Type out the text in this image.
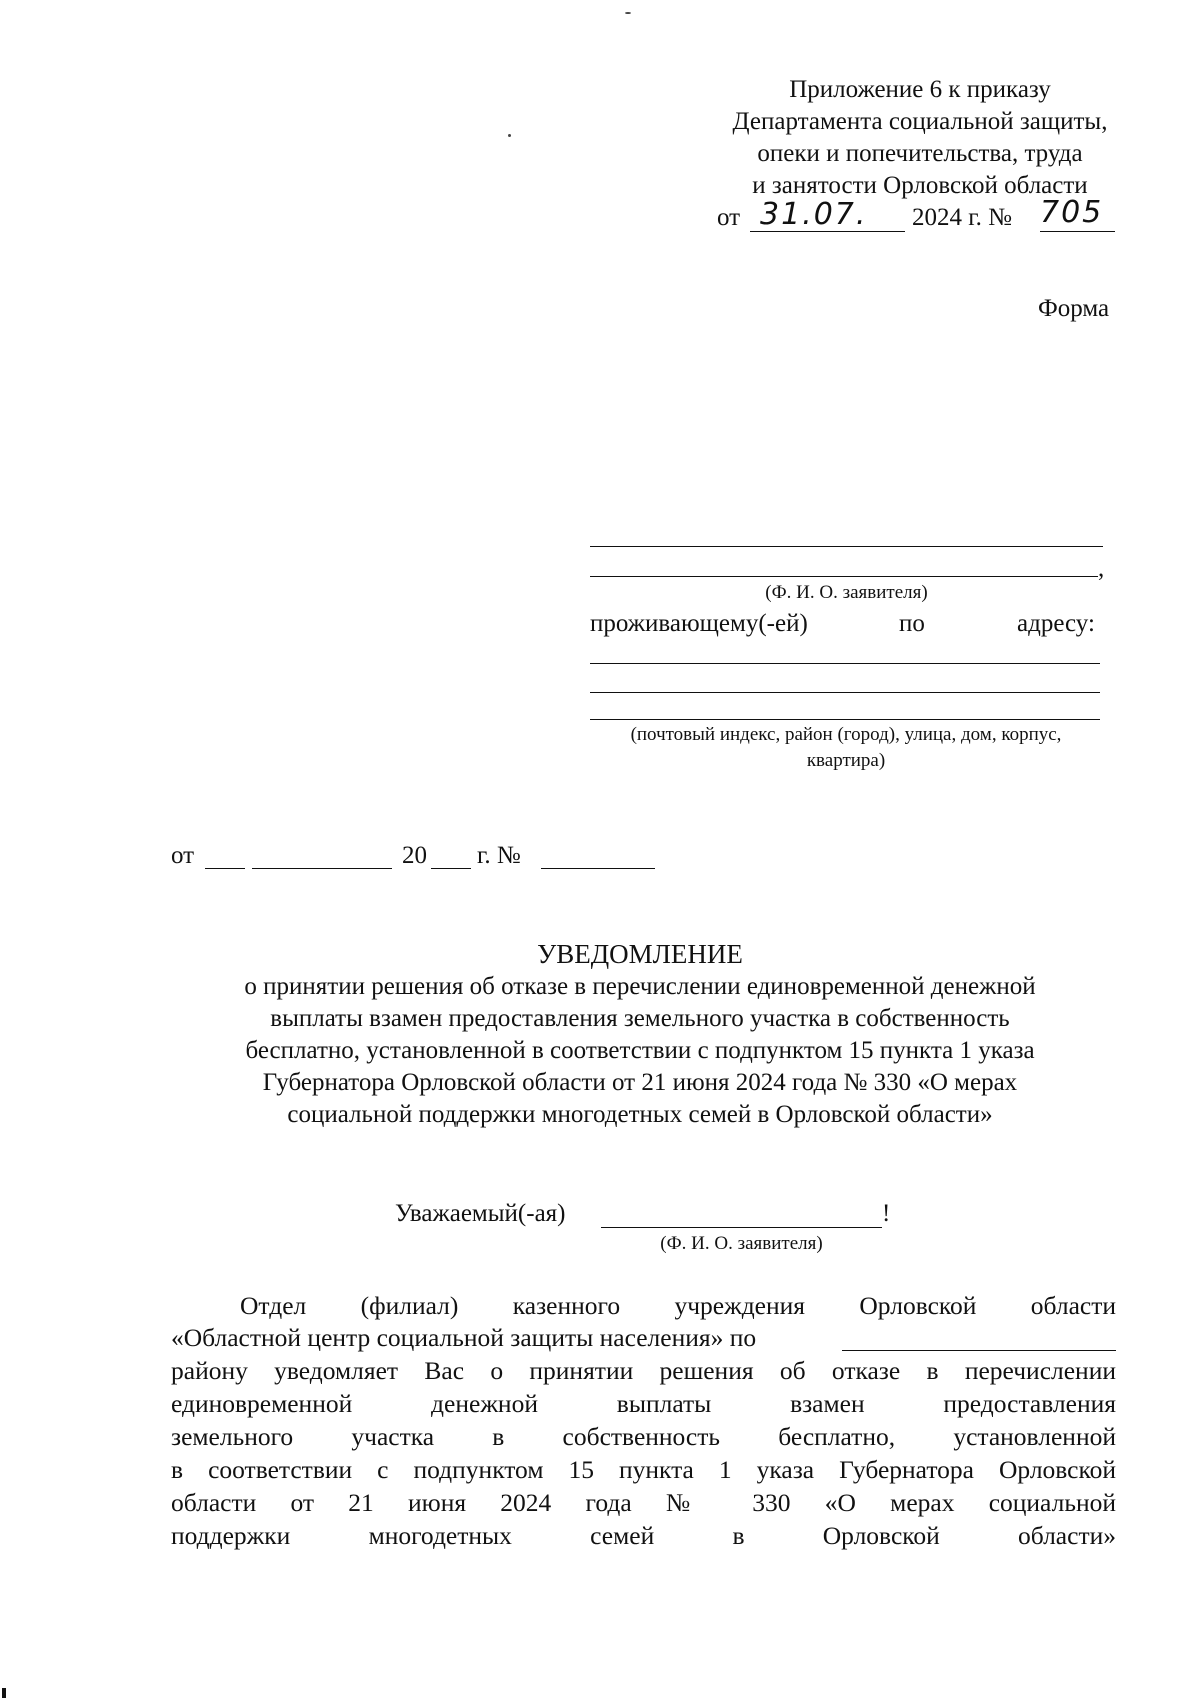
Приложение 6 к приказу
Департамента социальной защиты,
опеки и попечительства, труда
и занятости Орловской области
от 31.07. 2024 г. № 705
Форма
,
(Ф. И. О. заявителя)
проживающему(-ей)	по	адресу:
(почтовый индекс, район (город), улица, дом, корпус,
квартира)
от	20 г. №
УВЕДОМЛЕНИЕ
о принятии решения об отказе в перечислении единовременной денежной
выплаты взамен предоставления земельного участка в собственность
бесплатно, установленной в соответствии с подпунктом 15 пункта 1 указа
Губернатора Орловской области от 21 июня 2024 года № 330 «О мерах
социальной поддержки многодетных семей в Орловской области»
Уважаемый(-ая)	!
(Ф. И. О. заявителя)
Отдел (филиал) казенного учреждения Орловской области
«Областной центр социальной защиты населения» по
району уведомляет Вас о принятии решения об отказе в перечислении
единовременной денежной выплаты взамен предоставления
земельного участка в собственность бесплатно, установленной
в соответствии с подпунктом 15 пункта 1 указа Губернатора Орловской
области от 21 июня 2024 года № 330 «О мерах социальной
поддержки многодетных семей в Орловской области»
